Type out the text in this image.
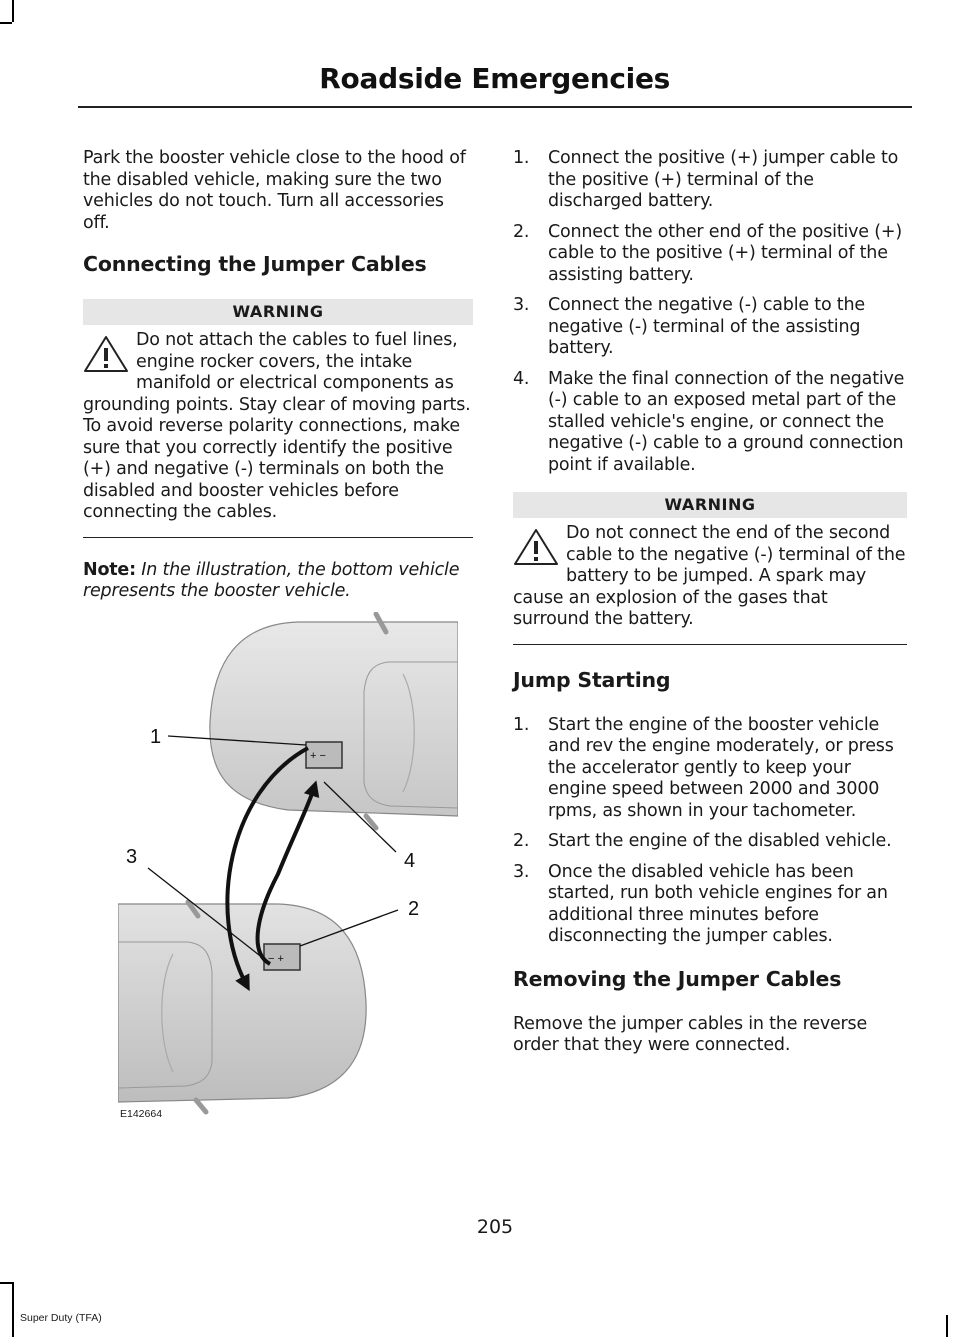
Roadside Emergencies

Park the booster vehicle close to the hood of the disabled vehicle, making sure the two vehicles do not touch. Turn all accessories off.

Connecting the Jumper Cables
WARNING

Do not attach the cables to fuel lines, engine rocker covers, the intake manifold or electrical components as grounding points. Stay clear of moving parts. To avoid reverse polarity connections, make sure that you correctly identify the positive (+) and negative (-) terminals on both the disabled and booster vehicles before connecting the cables.

Note: In the illustration, the bottom vehicle represents the booster vehicle.

+ −
− +
1
2
3	4
E142664
1. Connect the positive (+) jumper cable to the positive (+) terminal of the discharged battery.
2. Connect the other end of the positive (+) cable to the positive (+) terminal of the assisting battery.
3. Connect the negative (-) cable to the negative (-) terminal of the assisting battery.
4. Make the final connection of the negative (-) cable to an exposed metal part of the stalled vehicle's engine, or connect the negative (-) cable to a ground connection point if available.
WARNING

Do not connect the end of the second cable to the negative (-) terminal of the battery to be jumped. A spark may cause an explosion of the gases that surround the battery.

Jump Starting
1. Start the engine of the booster vehicle and rev the engine moderately, or press the accelerator gently to keep your engine speed between 2000 and 3000 rpms, as shown in your tachometer.
2. Start the engine of the disabled vehicle.
3. Once the disabled vehicle has been started, run both vehicle engines for an additional three minutes before disconnecting the jumper cables.
Removing the Jumper Cables

Remove the jumper cables in the reverse order that they were connected.

205
Super Duty (TFA)
